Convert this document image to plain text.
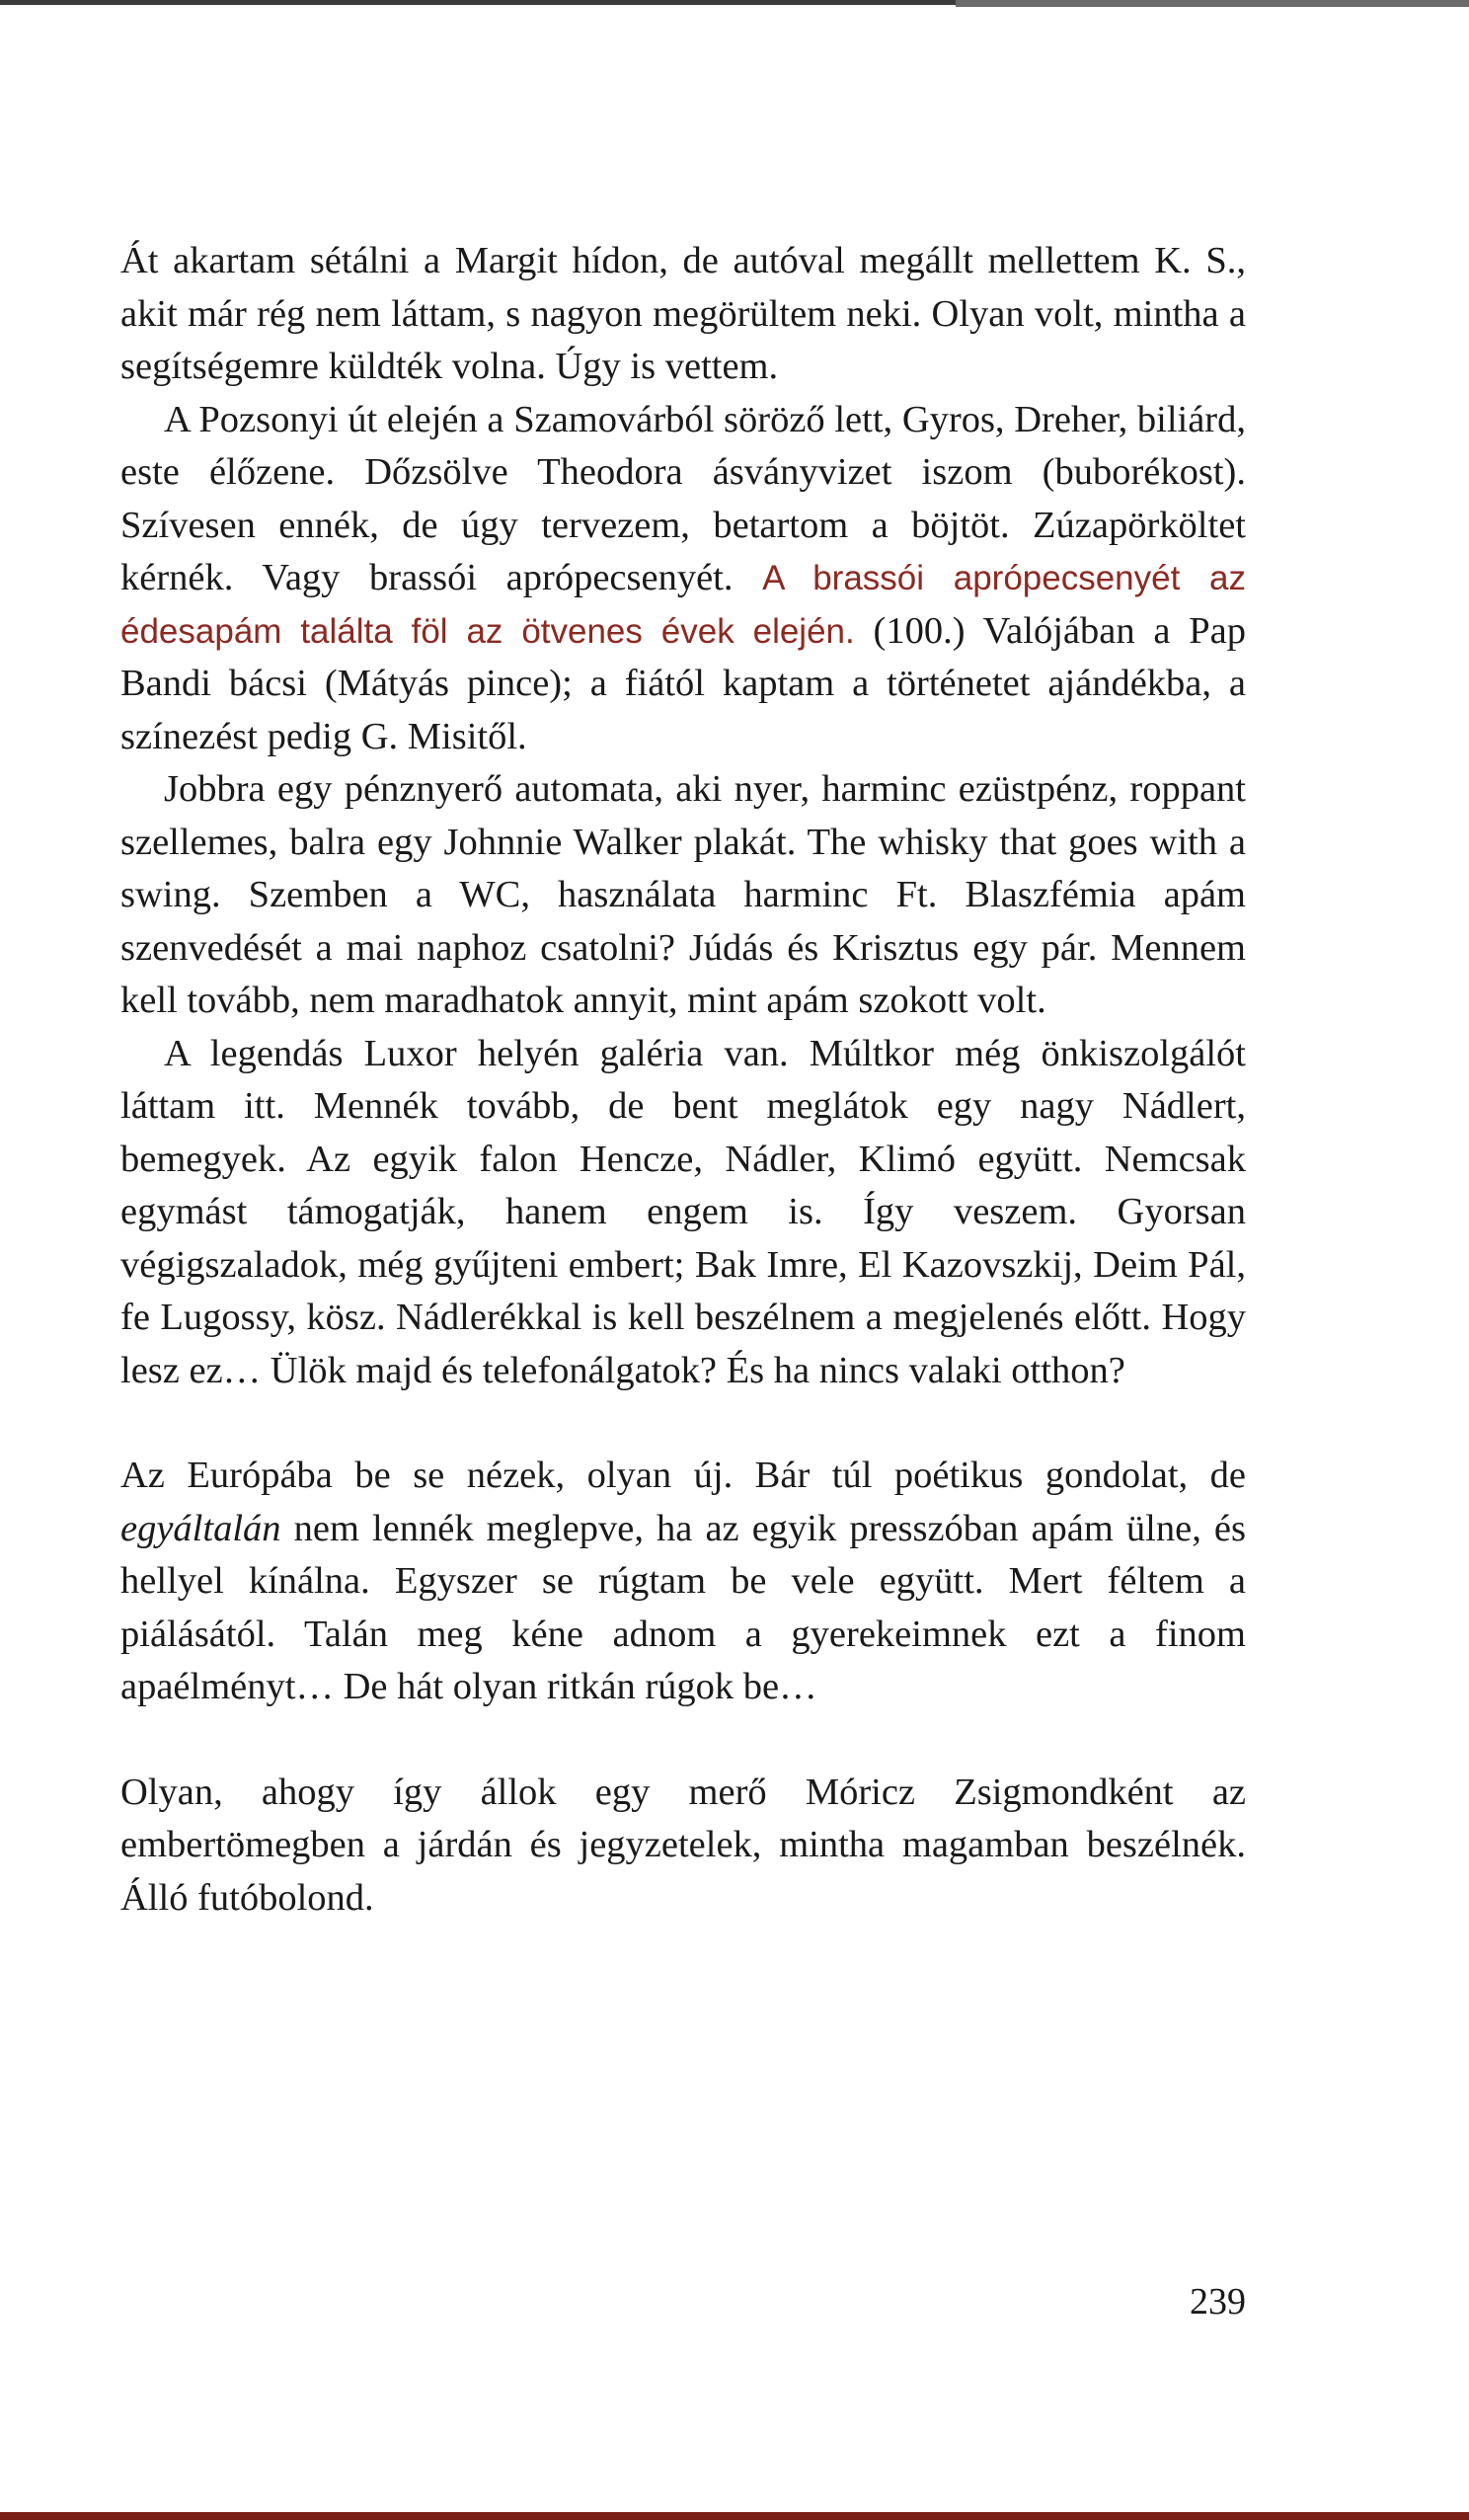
Át akartam sétálni a Margit hídon, de autóval megállt mellettem K. S., akit már rég nem láttam, s nagyon megörültem neki. Olyan volt, mintha a segítségemre küldték volna. Úgy is vettem.

A Pozsonyi út elején a Szamovárból söröző lett, Gyros, Dreher, biliárd, este élőzene. Dőzsölve Theodora ásványvizet iszom (buborékost). Szívesen ennék, de úgy tervezem, betartom a böjtöt. Zúzapörköltet kérnék. Vagy brassói aprópecsenyét. A brassói aprópecsenyét az édesapám találta föl az ötvenes évek elején. (100.) Valójában a Pap Bandi bácsi (Mátyás pince); a fiától kaptam a történetet ajándékba, a színezést pedig G. Misitől.

Jobbra egy pénznyerő automata, aki nyer, harminc ezüstpénz, roppant szellemes, balra egy Johnnie Walker plakát. The whisky that goes with a swing. Szemben a WC, használata harminc Ft. Blaszfémia apám szenvedését a mai naphoz csatolni? Júdás és Krisztus egy pár. Mennem kell tovább, nem maradhatok annyit, mint apám szokott volt.

A legendás Luxor helyén galéria van. Múltkor még önkiszolgálót láttam itt. Mennék tovább, de bent meglátok egy nagy Nádlert, bemegyek. Az egyik falon Hencze, Nádler, Klimó együtt. Nemcsak egymást támogatják, hanem engem is. Így veszem. Gyorsan végigszaladok, még gyűjteni embert; Bak Imre, El Kazovszkij, Deim Pál, fe Lugossy, kösz. Nádlerékkal is kell beszélnem a megjelenés előtt. Hogy lesz ez… Ülök majd és telefonálgatok? És ha nincs valaki otthon?

Az Európába be se nézek, olyan új. Bár túl poétikus gondolat, de egyáltalán nem lennék meglepve, ha az egyik presszóban apám ülne, és hellyel kínálna. Egyszer se rúgtam be vele együtt. Mert féltem a piálásától. Talán meg kéne adnom a gyerekeimnek ezt a finom apaélményt… De hát olyan ritkán rúgok be…

Olyan, ahogy így állok egy merő Móricz Zsigmondként az embertömegben a járdán és jegyzetelek, mintha magamban beszélnék. Álló futóbolond.

239
